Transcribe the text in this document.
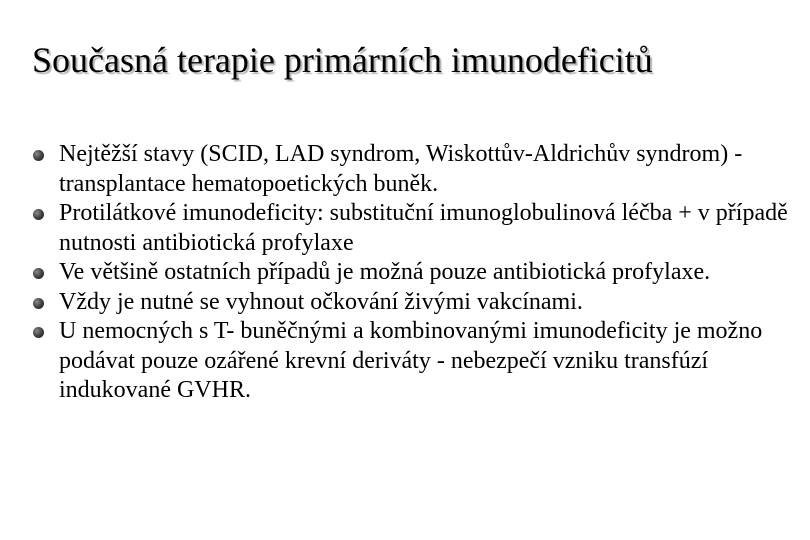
Současná terapie primárních imunodeficitů
Nejtěžší stavy (SCID, LAD syndrom, Wiskottův-Aldrichův syndrom) - transplantace hematopoetických buněk.
Protilátkové imunodeficity: substituční imunoglobulinová léčba + v případě nutnosti antibiotická profylaxe
Ve většině ostatních případů je možná pouze antibiotická profylaxe.
Vždy je nutné se vyhnout očkování živými vakcínami.
U nemocných s T- buněčnými a kombinovanými imunodeficity je možno podávat pouze ozářené krevní deriváty - nebezpečí vzniku transfúzí indukované GVHR.
